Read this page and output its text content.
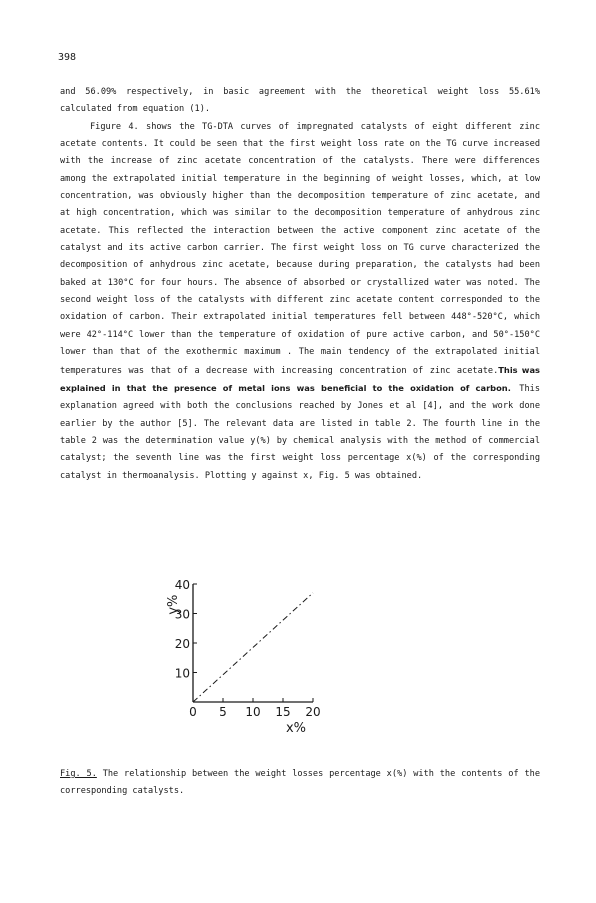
398

and 56.09% respectively, in basic agreement with the theoretical weight loss 55.61% calculated from equation (1).

Figure 4. shows the TG-DTA curves of impregnated catalysts of eight different zinc acetate contents. It could be seen that the first weight loss rate on the TG curve increased with the increase of zinc acetate concentration of the catalysts. There were differences among the extrapolated initial temperature in the beginning of weight losses, which, at low concentration, was obviously higher than the decomposition temperature of zinc acetate, and at high concentration, which was similar to the decomposition temperature of anhydrous zinc acetate. This reflected the interaction between the active component zinc acetate of the catalyst and its active carbon carrier. The first weight loss on TG curve characterized the decomposition of anhydrous zinc acetate, because during preparation, the catalysts had been baked at 130°C for four hours. The absence of absorbed or crystallized water was noted. The second weight loss of the catalysts with different zinc acetate content corresponded to the oxidation of carbon. Their extrapolated initial temperatures fell between 448°-520°C, which were 42°-114°C lower than the temperature of oxidation of pure active carbon, and 50°-150°C lower than that of the exothermic maximum . The main tendency of the extrapolated initial temperatures was that of a decrease with increasing concentration of zinc acetate.This was explained in that the presence of metal ions was beneficial to the oxidation of carbon. This explanation agreed with both the conclusions reached by Jones et al [4], and the work done earlier by the author [5]. The relevant data are listed in table 2. The fourth line in the table 2 was the determination value y(%) by chemical analysis with the method of commercial catalyst; the seventh line was the first weight loss percentage x(%) of the corresponding catalyst in thermoanalysis. Plotting y against x, Fig. 5 was obtained.

0 5 10 15 20
10
20
30
40
x%
y%

Fig. 5. The relationship between the weight losses percentage x(%) with the contents of the corresponding catalysts.
